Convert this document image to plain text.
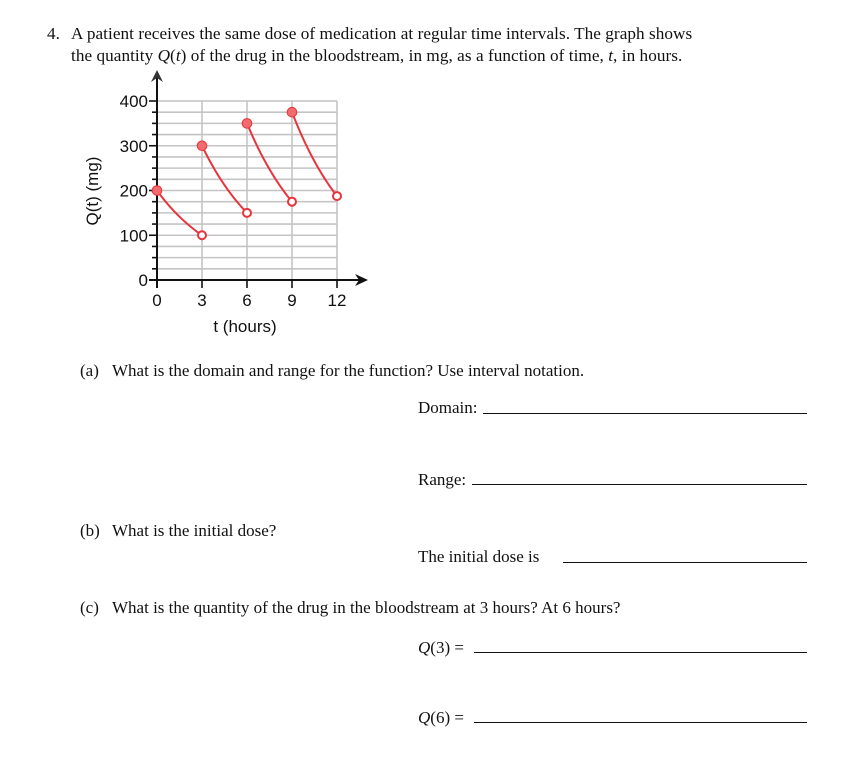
4. A patient receives the same dose of medication at regular time intervals. The graph shows
the quantity Q(t) of the drug in the bloodstream, in mg, as a function of time, t, in hours.
0 3 6 9 12
0
100
200
300
400
t (hours)
Q(t) (mg)
(a) What is the domain and range for the function? Use interval notation.
Domain:
Range:
(b) What is the initial dose?
The initial dose is
(c) What is the quantity of the drug in the bloodstream at 3 hours? At 6 hours?
Q(3) =
Q(6) =
